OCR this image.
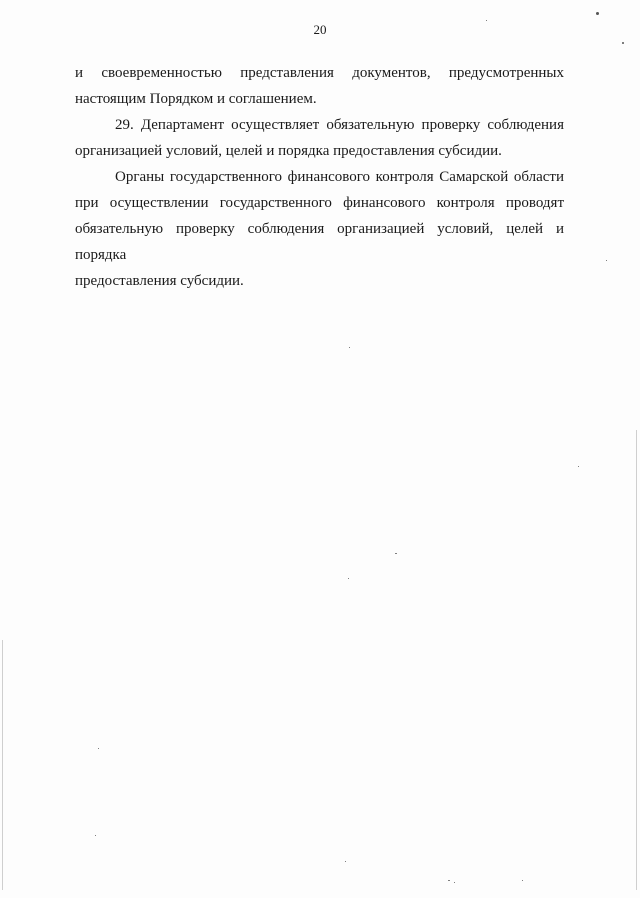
20

и своевременностью представления документов, предусмотренных
настоящим Порядком и соглашением.

29. Департамент осуществляет обязательную проверку соблюдения
организацией условий, целей и порядка предоставления субсидии.

Органы государственного финансового контроля Самарской области
при осуществлении государственного финансового контроля проводят
обязательную проверку соблюдения организацией условий, целей и порядка
предоставления субсидии.
